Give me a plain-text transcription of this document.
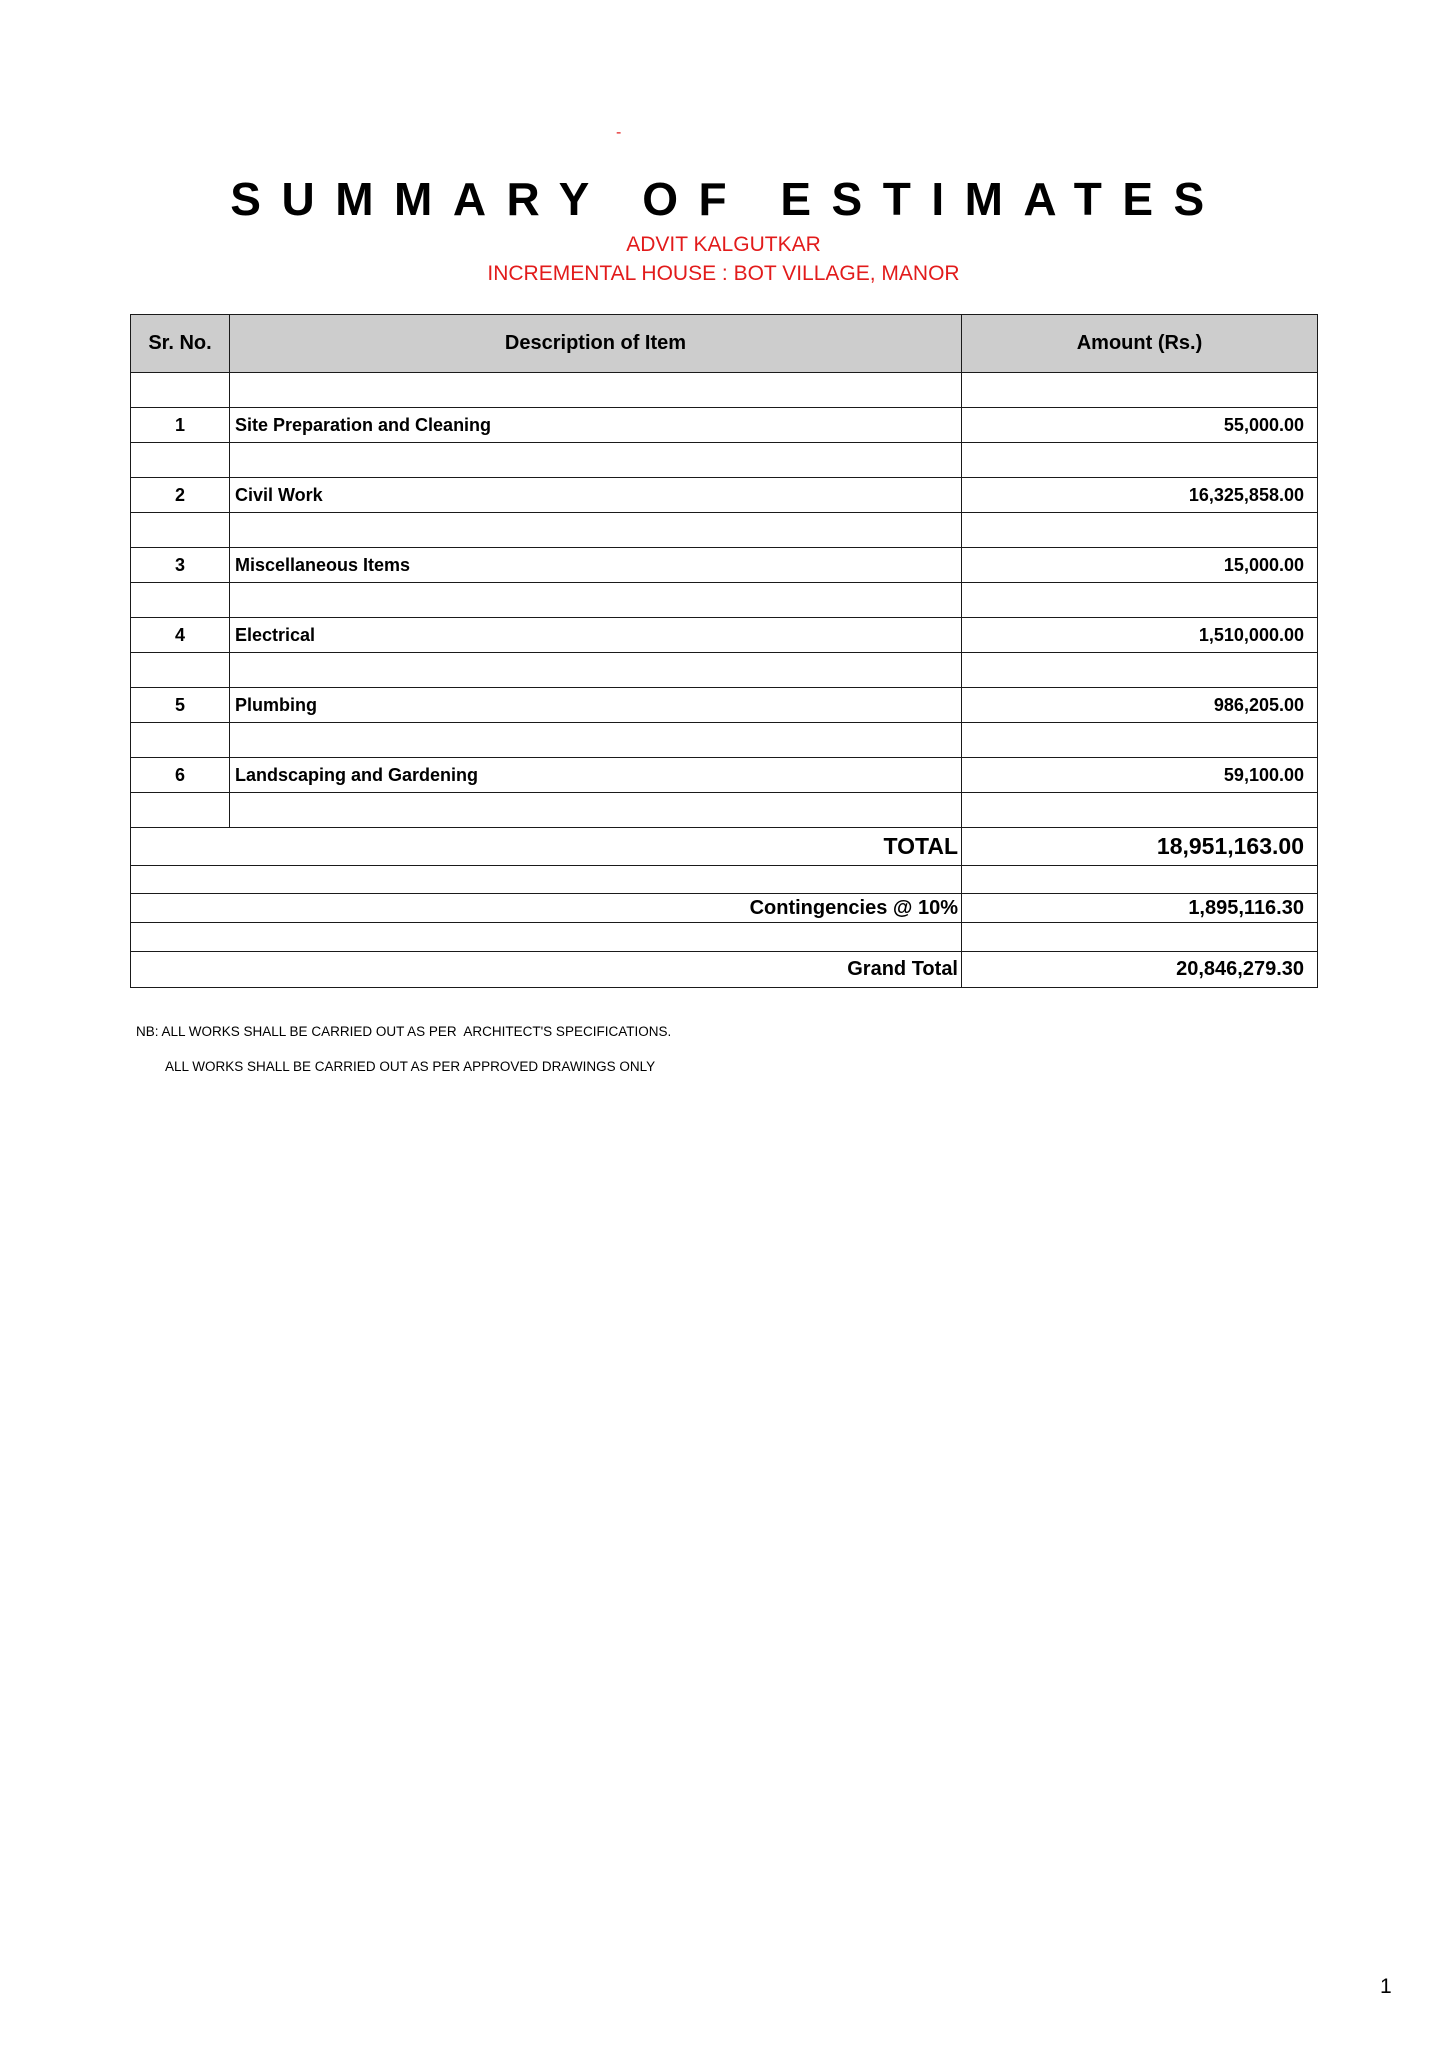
-
SUMMARY OF ESTIMATES
ADVIT KALGUTKAR
INCREMENTAL HOUSE : BOT VILLAGE, MANOR
Sr. No.	Description of Item	Amount (Rs.)

1	Site Preparation and Cleaning	55,000.00

2	Civil Work	16,325,858.00

3	Miscellaneous Items	15,000.00

4	Electrical	1,510,000.00

5	Plumbing	986,205.00

6	Landscaping and Gardening	59,100.00

TOTAL		18,951,163.00

Contingencies @ 10%		1,895,116.30

Grand Total		20,846,279.30
NB: ALL WORKS SHALL BE CARRIED OUT AS PER  ARCHITECT'S SPECIFICATIONS.
ALL WORKS SHALL BE CARRIED OUT AS PER APPROVED DRAWINGS ONLY
1
